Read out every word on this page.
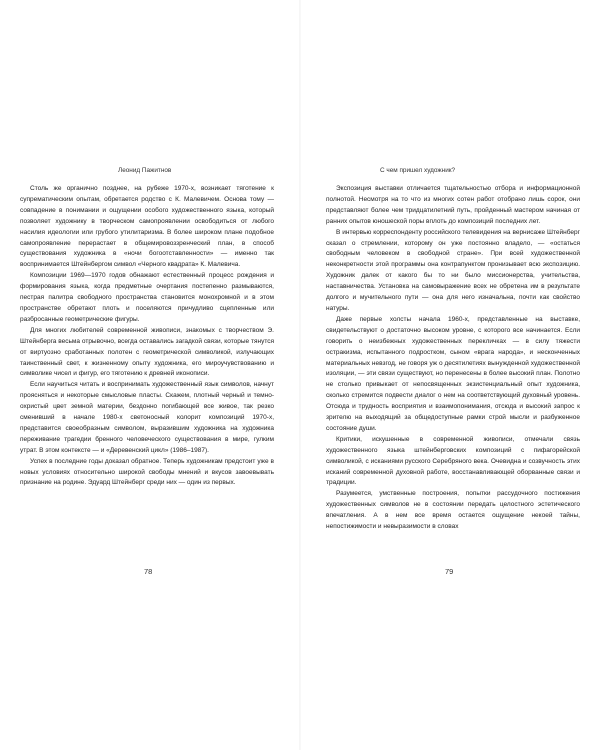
Леонид Пажитнов

Столь же органично позднее, на рубеже 1970-х, возникает тяготение к супрематическим опытам, обретается родство с К. Малевичем. Основа тому — совпадение в понимании и ощущении особого художественного языка, который позволяет художнику в творческом самопроявлении освободиться от любого насилия идеологии или грубого утилитаризма. В более широком плане подобное самопроявление перерастает в общемировоззренческий план, в способ существования художника в «ночи богоотставленности» — именно так воспринимается Штейнбергом символ «Черного квадрата» К. Малевича.

Композиции 1969—1970 годов обнажают естественный процесс рождения и формирования языка, когда предметные очертания постепенно размываются, пестрая палитра свободного пространства становится монохромной и в этом пространстве обретают плоть и поселяются причудливо сцепленные или разбросанные геометрические фигуры.

Для многих любителей современной живописи, знакомых с творчеством Э. Штейнберга весьма отрывочно, всегда оставались загадкой связи, которые тянутся от виртуозно сработанных полотен с геометрической символикой, излучающих таинственный свет, к жизненному опыту художника, его мироучувствованию и символике чисел и фигур, его тяготению к древней иконописи.

Если научиться читать и воспринимать художественный язык символов, начнут проясняться и некоторые смысловые пласты. Скажем, плотный черный и темно-охристый цвет земной материи, бездонно погибающей все живое, так резко сменивший в начале 1980-х светоносный колорит композиций 1970-х, представится своеобразным символом, выразившим художника на художника переживание трагедии бренного человеческого существования в мире, гулким утрат. В этом контексте — и «Деревенский цикл» (1986–1987).

Успех в последние годы доказал обратное. Теперь художникам предстоит уже в новых условиях относительно широкой свободы мнений и вкусов завоевывать признание на родине. Эдуард Штейнберг среди них — один из первых.

78
С чем пришел художник?

Экспозиция выставки отличается тщательностью отбора и информационной полнотой. Несмотря на то что из многих сотен работ отобрано лишь сорок, они представляют более чем тридцатилетний путь, пройденный мастером начиная от ранних опытов юношеской поры вплоть до композиций последних лет.

В интервью корреспонденту российского телевидения на вернисаже Штейнберг сказал о стремлении, которому он уже постоянно владело, — «остаться свободным человеком в свободной стране». При всей художественной неконкретности этой программы она контрапунктом пронизывает всю экспозицию. Художник далек от какого бы то ни было миссионерства, учительства, наставничества. Установка на самовыражение всех не обретена им в результате долгого и мучительного пути — она для него изначальна, почти как свойство натуры.

Даже первые холсты начала 1960-х, представленные на выставке, свидетельствуют о достаточно высоком уровне, с которого все начинается. Если говорить о неизбежных художественных перекличках — в силу тяжести остракизма, испытанного подростком, сыном «врага народа», и несконченных материальных невзгод, не говоря уж о десятилетиях вынужденной художественной изоляции, — эти связи существуют, но перенесены в более высокий план. Полотно не столько привыкает от непосвященных экзистенциальный опыт художника, сколько стремится подвести диалог о нем на соответствующий духовный уровень. Отсюда и трудность восприятия и взаимопонимания, отсюда и высокий запрос к зрителю на выходящий за общедоступные рамки строй мысли и разбуженное состояние души.

Критики, искушенные в современной живописи, отмечали связь художественного языка штейнберговских композиций с пифагорейской символикой, с исканиями русского Серебряного века. Очевидна и созвучность этих исканий современной духовной работе, восстанавливающей оборванные связи и традиции.

Разумеется, умственные построения, попытки рассудочного постижения художественных символов не в состоянии передать целостного эстетического впечатления. А в нем все время остается ощущение некоей тайны, непостижимости и невыразимости в словах

79
